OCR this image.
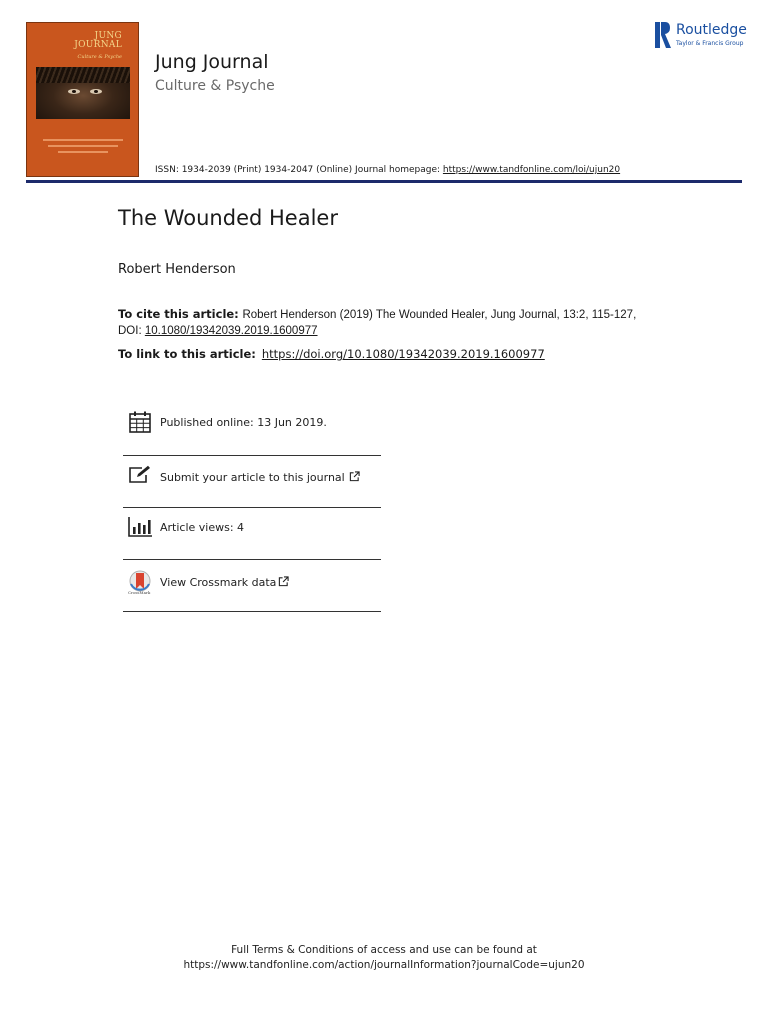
JUNG
JOURNAL
Culture & Psyche Jung Journal
Culture & Psyche
Routledge
Taylor & Francis Group
ISSN: 1934-2039 (Print) 1934-2047 (Online) Journal homepage: https://www.tandfonline.com/loi/ujun20
The Wounded Healer
Robert Henderson
To cite this article: Robert Henderson (2019) The Wounded Healer, Jung Journal, 13:2, 115-127, DOI: 10.1080/19342039.2019.1600977
To link to this article: https://doi.org/10.1080/19342039.2019.1600977
Published online: 13 Jun 2019.
Submit your article to this journal
Article views: 4
CrossMark
View Crossmark data
Full Terms & Conditions of access and use can be found at
https://www.tandfonline.com/action/journalInformation?journalCode=ujun20
